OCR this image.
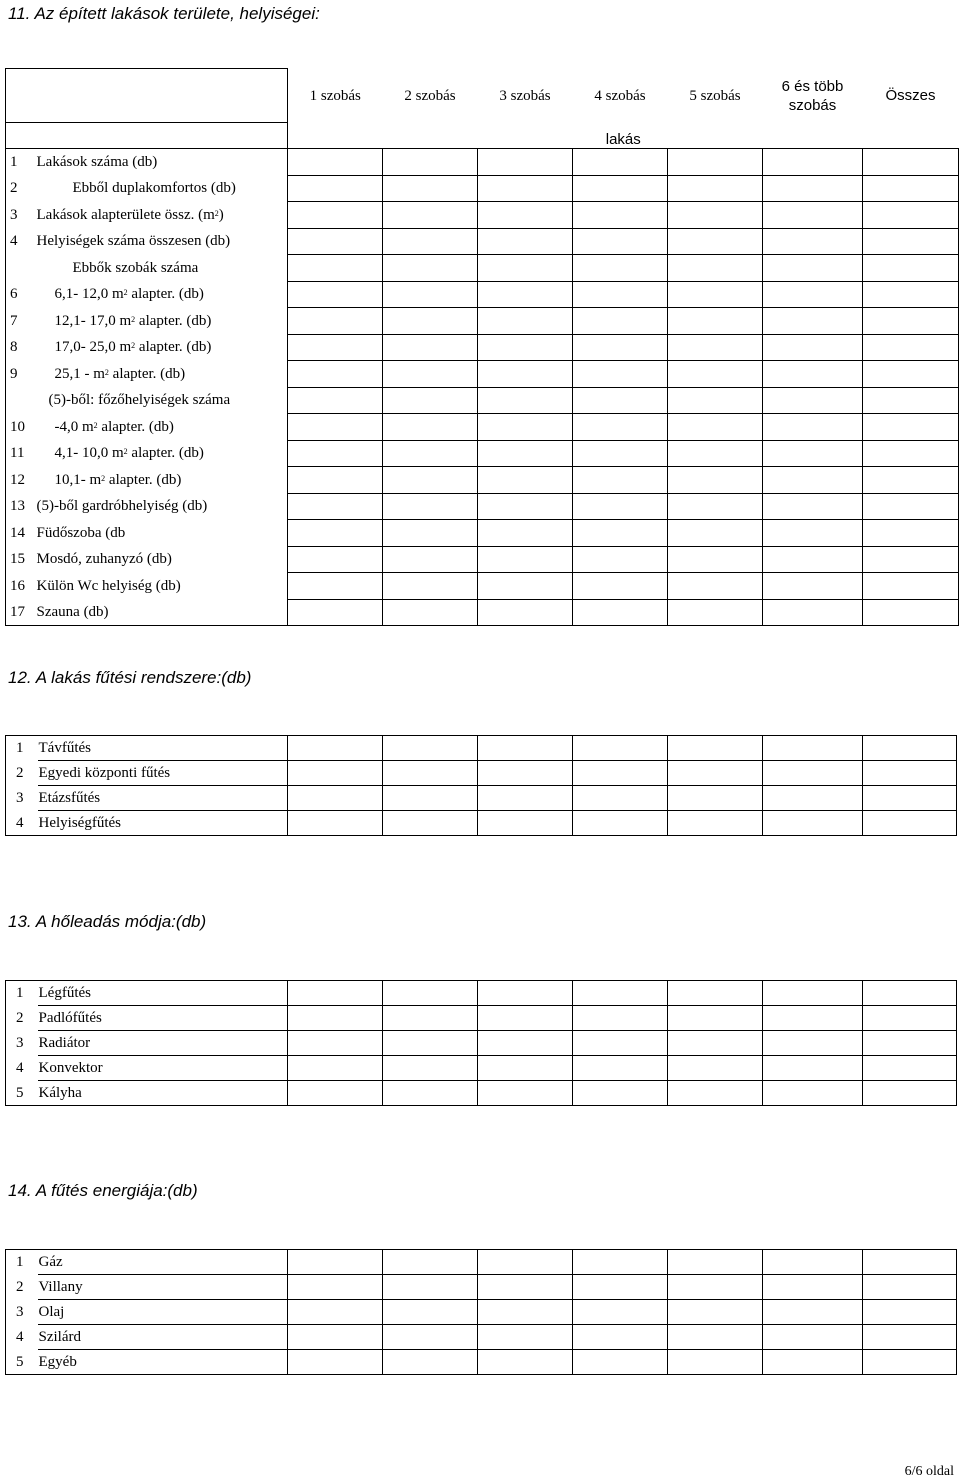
11. Az épített lakások területe, helyiségei:
		1 szobás	2 szobás	3 szobás	4 szobás	5 szobás	6 és több szobás	Összes
		lakás						
1	Lakások száma (db)							
2	Ebből duplakomfortos (db)							
3	Lakások alapterülete össz. $(m^2)$							
4	Helyiségek száma összesen (db)							
	Ebbők szobák száma							
6	6,1- 12,0 $m^2$ alapter. (db)							
7	12,1- 17,0 $m^2$ alapter. (db)							
8	17,0- 25,0 $m^2$ alapter. (db)							
9	$25,1 - m^2$ alapter. (db)							
	(5)-ből: főzőhelyiségek száma							
10	-4,0 $m^2$ alapter. (db)							
11	4,1- 10,0 $m^2$ alapter. (db)							
12	10,1- $m^2$ alapter. (db)							
13	(5)-ből gardróbhelyiség (db)							
14	Füdőszoba (db							
15	Mosdó, zuhanyzó (db)							
16	Külön Wc helyiség (db)							
17	Szauna (db)							
12. A lakás fűtési rendszere:(db)
1	Távfűtés							
2	Egyedi központi fűtés							
3	Etázsfűtés							
4	Helyiségfűtés							
13. A hőleadás módja:(db)
1	Légfűtés							
2	Padlófűtés							
3	Radiátor							
4	Konvektor							
5	Kályha							
14. A fűtés energiája:(db)
1	Gáz							
2	Villany							
3	Olaj							
4	Szilárd							
5	Egyéb							
6/6 oldal
